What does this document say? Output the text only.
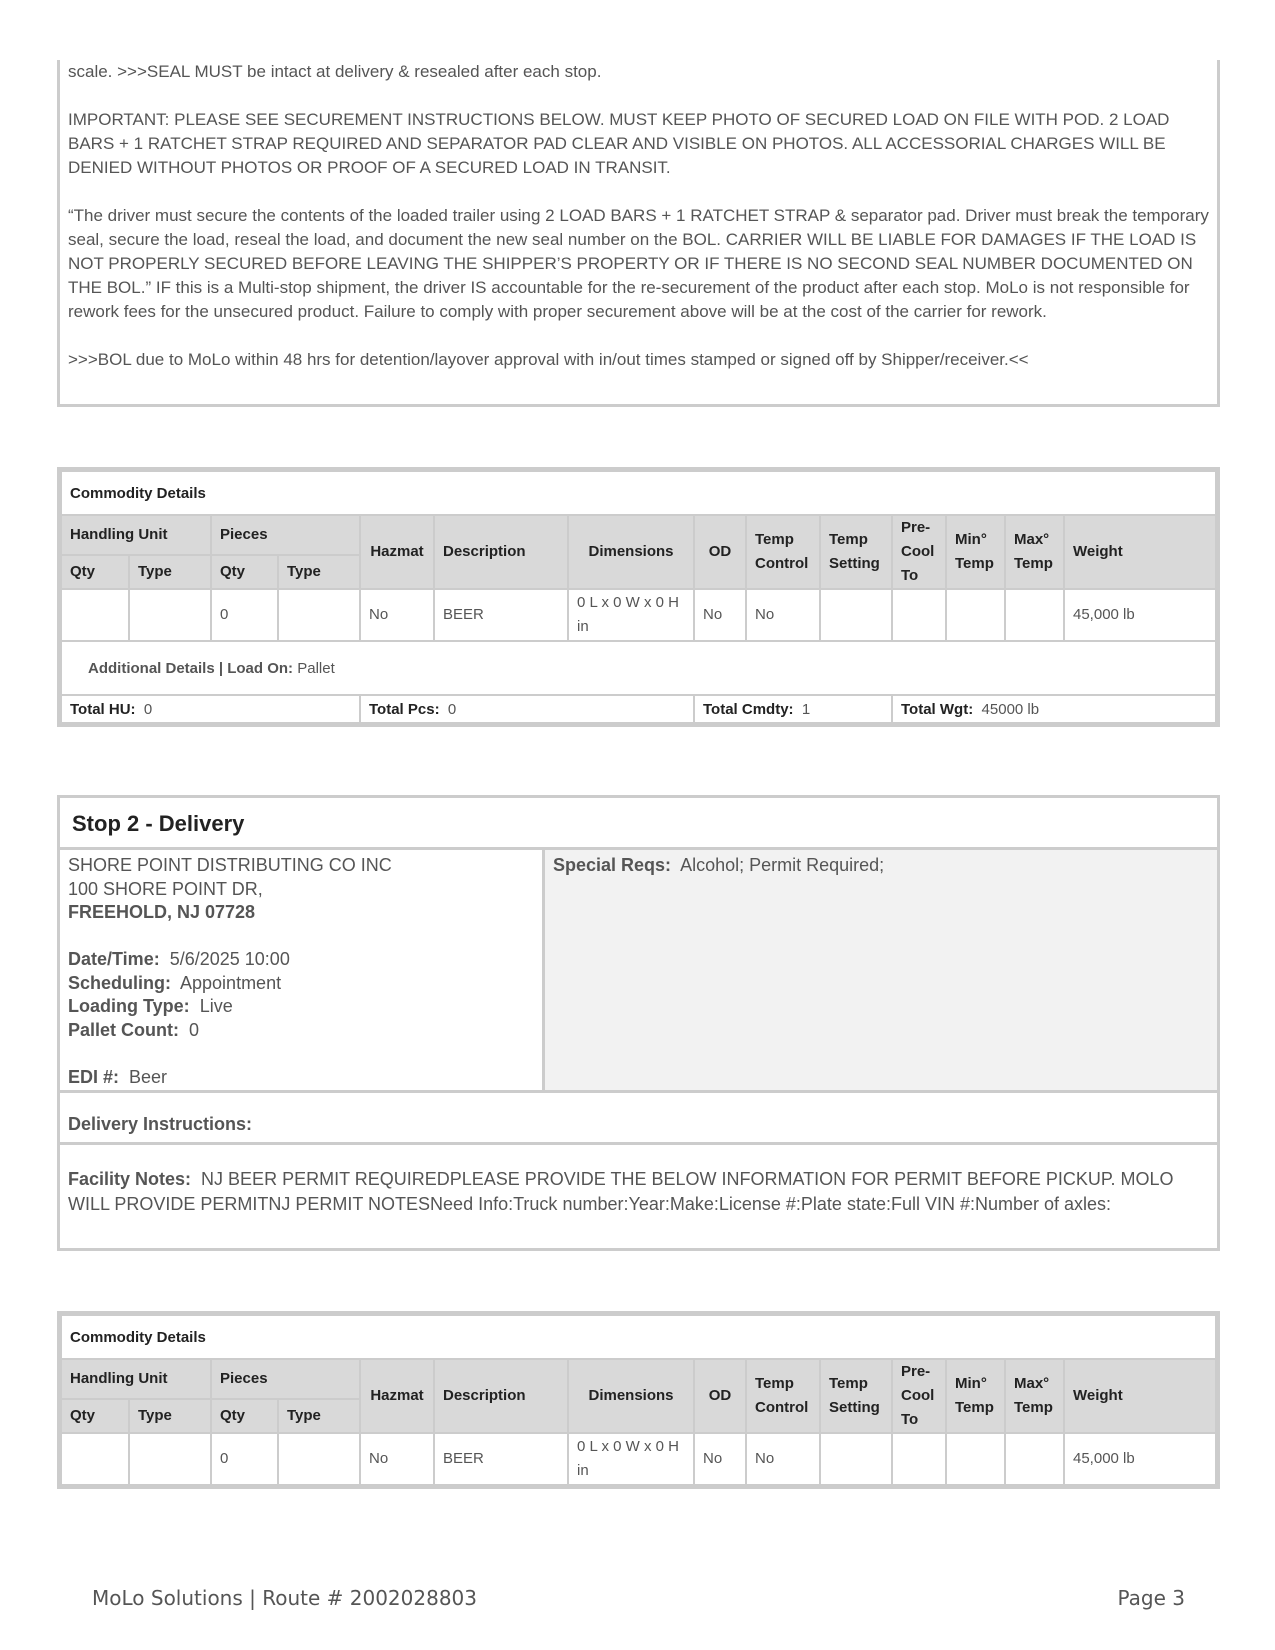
scale. >>>SEAL MUST be intact at delivery & resealed after each stop.

IMPORTANT: PLEASE SEE SECUREMENT INSTRUCTIONS BELOW. MUST KEEP PHOTO OF SECURED LOAD ON FILE WITH POD. 2 LOAD BARS + 1 RATCHET STRAP REQUIRED AND SEPARATOR PAD CLEAR AND VISIBLE ON PHOTOS. ALL ACCESSORIAL CHARGES WILL BE DENIED WITHOUT PHOTOS OR PROOF OF A SECURED LOAD IN TRANSIT.

“The driver must secure the contents of the loaded trailer using 2 LOAD BARS + 1 RATCHET STRAP & separator pad. Driver must break the temporary seal, secure the load, reseal the load, and document the new seal number on the BOL. CARRIER WILL BE LIABLE FOR DAMAGES IF THE LOAD IS NOT PROPERLY SECURED BEFORE LEAVING THE SHIPPER’S PROPERTY OR IF THERE IS NO SECOND SEAL NUMBER DOCUMENTED ON THE BOL.” IF this is a Multi-stop shipment, the driver IS accountable for the re-securement of the product after each stop. MoLo is not responsible for rework fees for the unsecured product. Failure to comply with proper securement above will be at the cost of the carrier for rework.

>>>BOL due to MoLo within 48 hrs for detention/layover approval with in/out times stamped or signed off by Shipper/receiver.<<

Commodity Details													
Handling Unit		Pieces		Hazmat	Description	Dimensions	OD	Temp Control	Temp Setting	Pre-Cool To	Min° Temp	Max° Temp	Weight
Qty	Type	Qty	Type										
		0		No	BEER	0 L x 0 W x 0 H in	No	No					45,000 lb
Additional Details | Load On: Pallet													
Total HU: 0				Total Pcs: 0			Total Cmdty: 1			Total Wgt: 45000 lb			
Stop 2 - Delivery
SHORE POINT DISTRIBUTING CO INC
100 SHORE POINT DR,
FREEHOLD, NJ 07728
Date/Time: 5/6/2025 10:00
Scheduling: Appointment
Loading Type: Live
Pallet Count: 0
EDI #: Beer
Special Reqs: Alcohol; Permit Required;
Delivery Instructions:
Facility Notes: NJ BEER PERMIT REQUIREDPLEASE PROVIDE THE BELOW INFORMATION FOR PERMIT BEFORE PICKUP. MOLO WILL PROVIDE PERMITNJ PERMIT NOTESNeed Info:Truck number:Year:Make:License #:Plate state:Full VIN #:Number of axles:
Commodity Details													
Handling Unit		Pieces		Hazmat	Description	Dimensions	OD	Temp Control	Temp Setting	Pre-Cool To	Min° Temp	Max° Temp	Weight
Qty	Type	Qty	Type										
		0		No	BEER	0 L x 0 W x 0 H in	No	No					45,000 lb
MoLo Solutions | Route # 2002028803	Page 3
